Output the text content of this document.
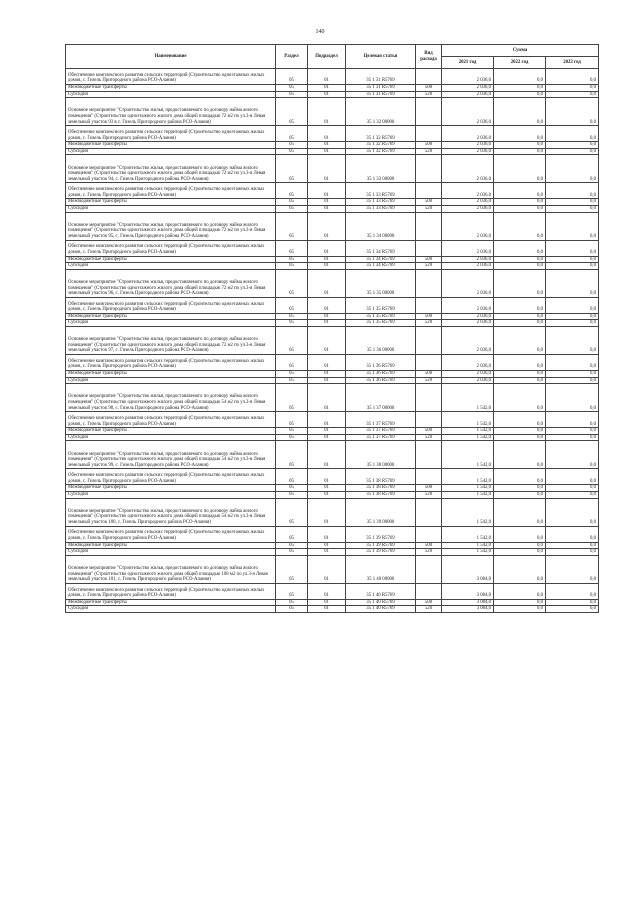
140
Наименование	Раздел	Подраздел	Целевая статья	Вид расхода	Сумма		
					2021 год	2022 год	2023 год
Обеспечение комплексного развития сельских территорий (Строительство одноэтажных жилых домов, с. Гизель Пригородного района РСО-Алания)	05	01	35 1 31 R5769		2 036,0	0,0	0,0
Межбюджетные трансферты	05	01	35 1 31 R5769	500	2 036,0	0,0	0,0
Субсидии	05	01	35 1 31 R5769	520	2 036,0	0,0	0,0
Основное мероприятие "Строительство жилья, предоставляемого по договору найма жилого помещения" (Строительство одноэтажного жилого дома общей площадью 72 м2 по ул.3-я Левая земельный участок 93 в с. Гизель Пригородного района РСО-Алания)	05	01	35 1 32 00000		2 036,0	0,0	0,0
Обеспечение комплексного развития сельских территорий (Строительство одноэтажных жилых домов, с. Гизель Пригородного района РСО-Алания)	05	01	35 1 32 R5769		2 036,0	0,0	0,0
Межбюджетные трансферты	05	01	35 1 32 R5769	500	2 036,0	0,0	0,0
Субсидии	05	01	35 1 32 R5769	520	2 036,0	0,0	0,0
Основное мероприятие "Строительство жилья, предоставляемого по договору найма жилого помещения" (Строительство одноэтажного жилого дома общей площадью 72 м2 по ул.3-я Левая земельный участок 94, с. Гизель Пригородного района РСО-Алания)	05	01	35 1 33 00000		2 036,0	0,0	0,0
Обеспечение комплексного развития сельских территорий (Строительство одноэтажных жилых домов, с. Гизель Пригородного района РСО-Алания)	05	01	35 1 33 R5769		2 036,0	0,0	0,0
Межбюджетные трансферты	05	01	35 1 33 R5769	500	2 036,0	0,0	0,0
Субсидии	05	01	35 1 33 R5769	520	2 036,0	0,0	0,0
Основное мероприятие "Строительство жилья, предоставляемого по договору найма жилого помещения" (Строительство одноэтажного жилого дома общей площадью 72 м2 по ул.3-я Левая земельный участок 95, с. Гизель Пригородного района РСО-Алания)	05	01	35 1 34 00000		2 036,0	0,0	0,0
Обеспечение комплексного развития сельских территорий (Строительство одноэтажных жилых домов, с. Гизель Пригородного района РСО-Алания)	05	01	35 1 34 R5769		2 036,0	0,0	0,0
Межбюджетные трансферты	05	01	35 1 34 R5769	500	2 036,0	0,0	0,0
Субсидии	05	01	35 1 34 R5769	520	2 036,0	0,0	0,0
Основное мероприятие "Строительство жилья, предоставляемого по договору найма жилого помещения" (Строительство одноэтажного жилого дома общей площадью 72 м2 по ул.3-я Левая земельный участок 96, с. Гизель Пригородного района РСО-Алания)	05	01	35 1 35 00000		2 036,0	0,0	0,0
Обеспечение комплексного развития сельских территорий (Строительство одноэтажных жилых домов, с. Гизель Пригородного района РСО-Алания)	05	01	35 1 35 R5769		2 036,0	0,0	0,0
Межбюджетные трансферты	05	01	35 1 35 R5769	500	2 036,0	0,0	0,0
Субсидии	05	01	35 1 35 R5769	520	2 036,0	0,0	0,0
Основное мероприятие "Строительство жилья, предоставляемого по договору найма жилого помещения" (Строительство одноэтажного жилого дома общей площадью 72 м2 по ул.3-я Левая земельный участок 97, с. Гизель Пригородного района РСО-Алания)	05	01	35 1 36 00000		2 036,0	0,0	0,0
Обеспечение комплексного развития сельских территорий (Строительство одноэтажных жилых домов, с. Гизель Пригородного района РСО-Алания)	05	01	35 1 36 R5769		2 036,0	0,0	0,0
Межбюджетные трансферты	05	01	35 1 36 R5769	500	2 036,0	0,0	0,0
Субсидии	05	01	35 1 36 R5769	520	2 036,0	0,0	0,0
Основное мероприятие "Строительство жилья, предоставляемого по договору найма жилого помещения" (Строительство одноэтажного жилого дома общей площадью 54 м2 по ул.3-я Левая земельный участок 98, с. Гизель Пригородного района РСО-Алания)	05	01	35 1 37 00000		1 542,0	0,0	0,0
Обеспечение комплексного развития сельских территорий (Строительство одноэтажных жилых домов, с. Гизель Пригородного района РСО-Алания)	05	01	35 1 37 R5769		1 542,0	0,0	0,0
Межбюджетные трансферты	05	01	35 1 37 R5769	500	1 542,0	0,0	0,0
Субсидии	05	01	35 1 37 R5769	520	1 542,0	0,0	0,0
Основное мероприятие "Строительство жилья, предоставляемого по договору найма жилого помещения" (Строительство одноэтажного жилого дома общей площадью 54 м2 по ул.3-я Левая земельный участок 99, с. Гизель Пригородного района РСО-Алания)	05	01	35 1 38 00000		1 542,0	0,0	0,0
Обеспечение комплексного развития сельских территорий (Строительство одноэтажных жилых домов, с. Гизель Пригородного района РСО-Алания)	05	01	35 1 38 R5769		1 542,0	0,0	0,0
Межбюджетные трансферты	05	01	35 1 38 R5769	500	1 542,0	0,0	0,0
Субсидии	05	01	35 1 38 R5769	520	1 542,0	0,0	0,0
Основное мероприятие "Строительство жилья, предоставляемого по договору найма жилого помещения" (Строительство одноэтажного жилого дома общей площадью 54 м2 по ул.3-я Левая земельный участок 100, с. Гизель Пригородного района РСО-Алания)	05	01	35 1 39 00000		1 542,0	0,0	0,0
Обеспечение комплексного развития сельских территорий (Строительство одноэтажных жилых домов, с. Гизель Пригородного района РСО-Алания)	05	01	35 1 39 R5769		1 542,0	0,0	0,0
Межбюджетные трансферты	05	01	35 1 39 R5769	500	1 542,0	0,0	0,0
Субсидии	05	01	35 1 39 R5769	520	1 542,0	0,0	0,0
Основное мероприятие "Строительство жилья, предоставляемого по договору найма жилого помещения" (Строительство одноэтажного жилого дома общей площадью 108 м2 по ул.3-я Левая земельный участок 101, с. Гизель Пригородного района РСО-Алания)	05	01	35 1 40 00000		3 084,0	0,0	0,0
Обеспечение комплексного развития сельских территорий (Строительство одноэтажных жилых домов, с. Гизель Пригородного района РСО-Алания)	05	01	35 1 40 R5769		3 084,0	0,0	0,0
Межбюджетные трансферты	05	01	35 1 40 R5769	500	3 084,0	0,0	0,0
Субсидии	05	01	35 1 40 R5769	520	3 084,0	0,0	0,0
